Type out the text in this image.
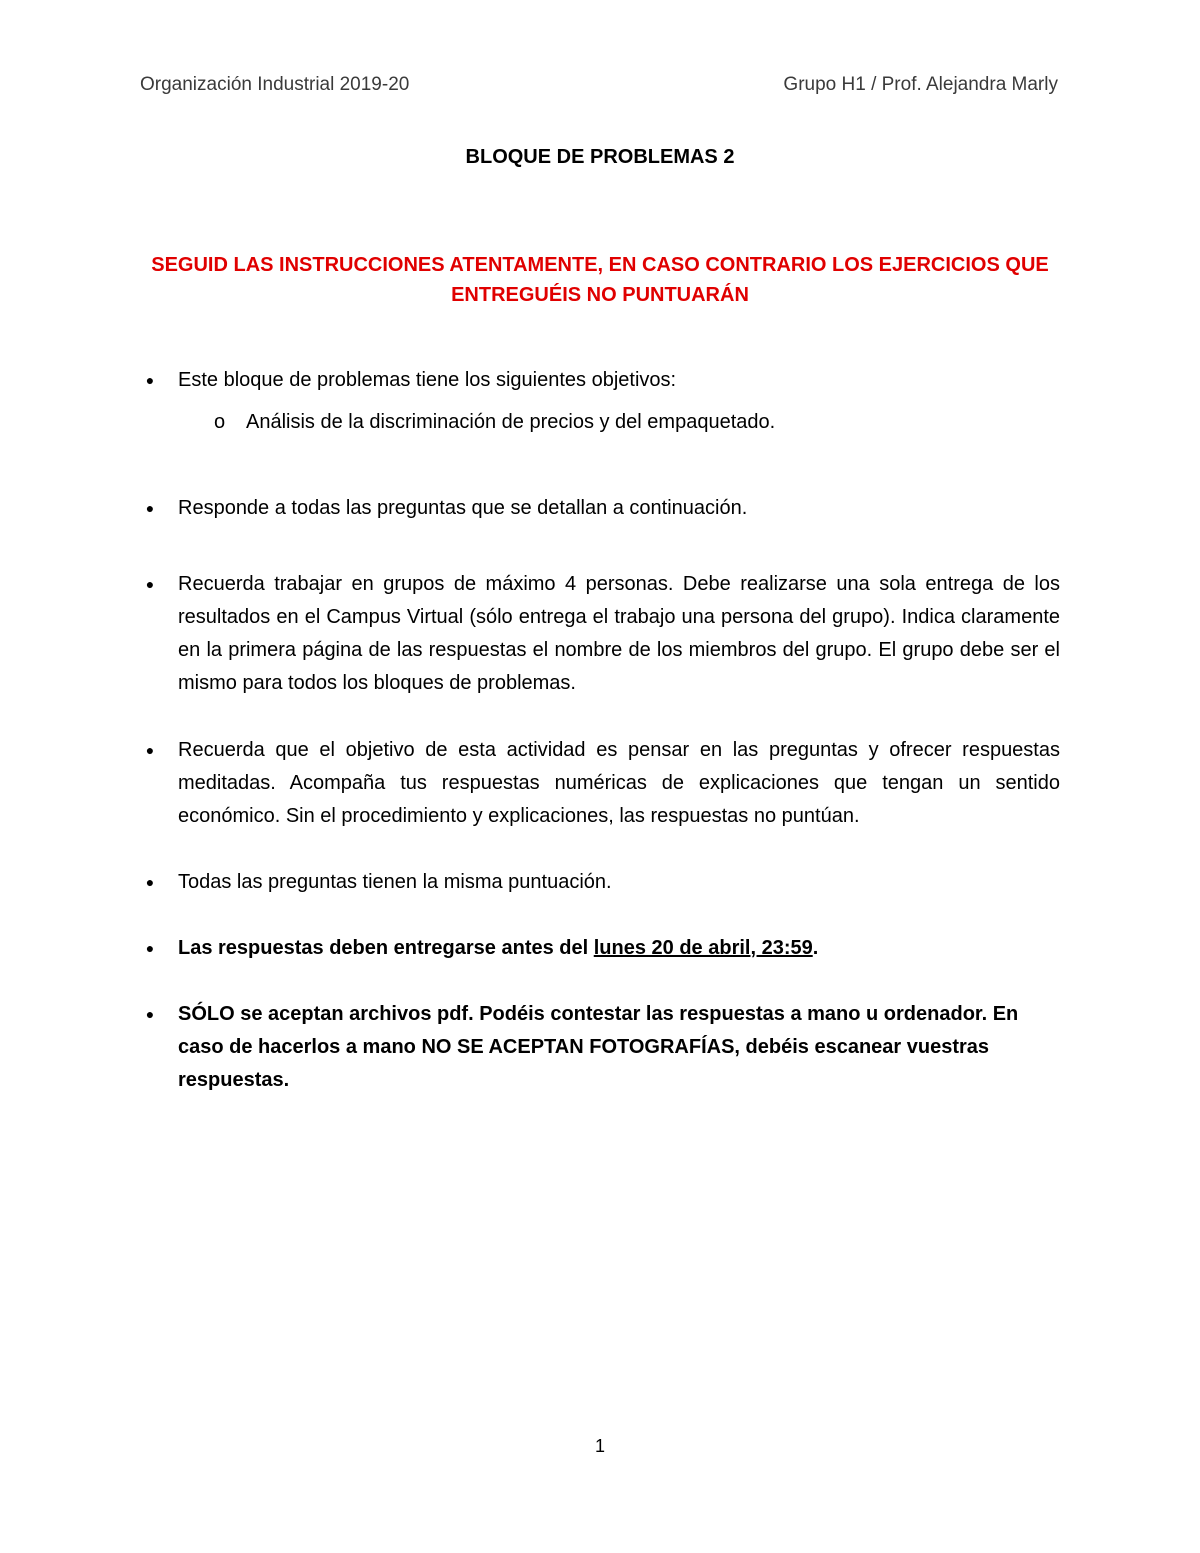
Organización Industrial 2019-20	Grupo H1 / Prof. Alejandra Marly
BLOQUE DE PROBLEMAS 2
SEGUID LAS INSTRUCCIONES ATENTAMENTE, EN CASO CONTRARIO LOS EJERCICIOS QUE
ENTREGUÉIS NO PUNTUARÁN
● Este bloque de problemas tiene los siguientes objetivos:
o Análisis de la discriminación de precios y del empaquetado.
● Responde a todas las preguntas que se detallan a continuación.
● Recuerda trabajar en grupos de máximo 4 personas. Debe realizarse una sola entrega de los resultados en el Campus Virtual (sólo entrega el trabajo una persona del grupo). Indica claramente en la primera página de las respuestas el nombre de los miembros del grupo. El grupo debe ser el mismo para todos los bloques de problemas.
● Recuerda que el objetivo de esta actividad es pensar en las preguntas y ofrecer respuestas meditadas. Acompaña tus respuestas numéricas de explicaciones que tengan un sentido económico. Sin el procedimiento y explicaciones, las respuestas no puntúan.
● Todas las preguntas tienen la misma puntuación.
● Las respuestas deben entregarse antes del lunes 20 de abril, 23:59.
● SÓLO se aceptan archivos pdf. Podéis contestar las respuestas a mano u ordenador. En caso de hacerlos a mano NO SE ACEPTAN FOTOGRAFÍAS, debéis escanear vuestras respuestas.
1
